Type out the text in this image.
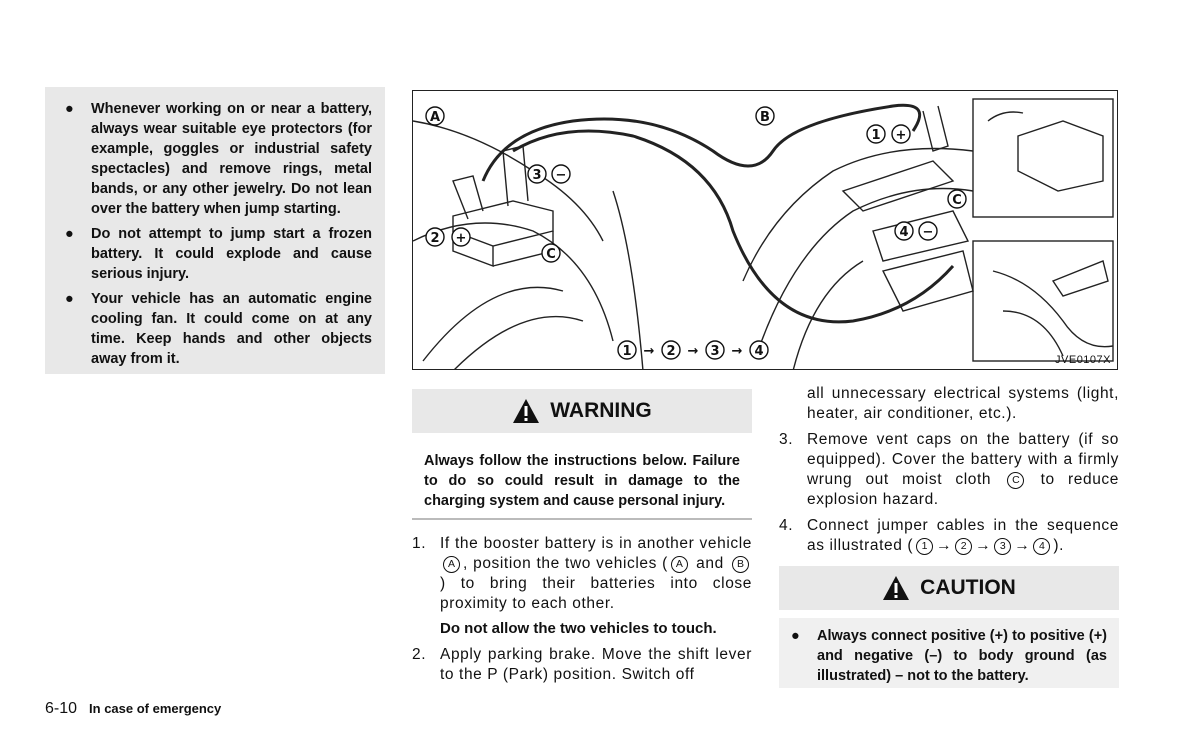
● Whenever working on or near a battery, always wear suitable eye protectors (for example, goggles or industrial safety spectacles) and remove rings, metal bands, or any other jewelry. Do not lean over the battery when jump starting.
● Do not attempt to jump start a frozen battery. It could explode and cause serious injury.
● Your vehicle has an automatic engine cooling fan. It could come on at any time. Keep hands and other objects away from it.
A	B
C
C
2 +
3 −
1 +
4 −
1 → 2 → 3 → 4
JVE0107X
WARNING
Always follow the instructions below. Failure to do so could result in damage to the charging system and cause personal injury.
1. If the booster battery is in another vehicleA , position the two vehicles ( A and B) to bring their batteries into close proximity to each other.
Do not allow the two vehicles to touch.
2. Apply parking brake. Move the shift lever to the P (Park) position. Switch off
all unnecessary electrical systems (light, heater, air conditioner, etc.).
3. Remove vent caps on the battery (if so equipped). Cover the battery with a firmly wrung out moist cloth C to reduce explosion hazard.
4. Connect jumper cables in the sequence as illustrated ( 1 → 2 → 3 → 4 ).
CAUTION
● Always connect positive (+) to positive (+) and negative (–) to body ground (as illustrated) – not to the battery.
6-10 In case of emergency
